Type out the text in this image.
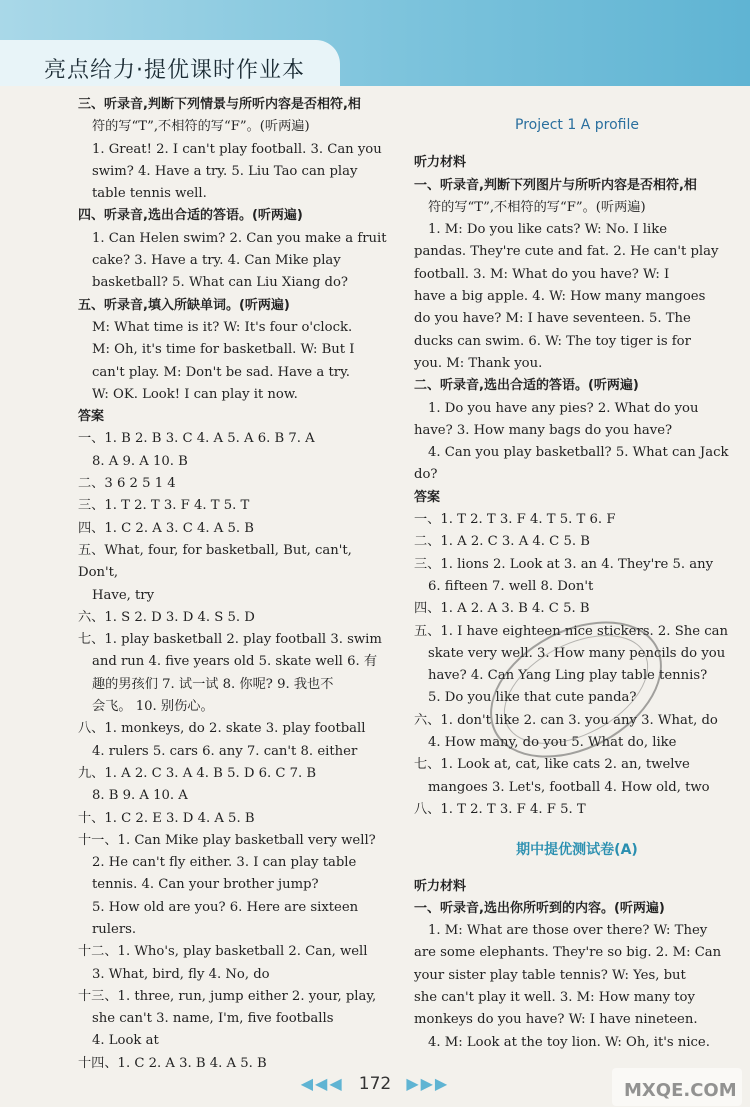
亮点给力·提优课时作业本

三、听录音,判断下列情景与所听内容是否相符,相

符的写“T”,不相符的写“F”。(听两遍)

1. Great! 2. I can't play football. 3. Can you

swim? 4. Have a try. 5. Liu Tao can play

table tennis well.

四、听录音,选出合适的答语。(听两遍)

1. Can Helen swim? 2. Can you make a fruit

cake? 3. Have a try. 4. Can Mike play

basketball? 5. What can Liu Xiang do?

五、听录音,填入所缺单词。(听两遍)

M: What time is it? W: It's four o'clock.

M: Oh, it's time for basketball. W: But I

can't play. M: Don't be sad. Have a try.

W: OK. Look! I can play it now.

答案

一、1. B 2. B 3. C 4. A 5. A 6. B 7. A

8. A 9. A 10. B

二、3 6 2 5 1 4

三、1. T 2. T 3. F 4. T 5. T

四、1. C 2. A 3. C 4. A 5. B

五、What, four, for basketball, But, can't, Don't,

Have, try

六、1. S 2. D 3. D 4. S 5. D

七、1. play basketball 2. play football 3. swim

and run 4. five years old 5. skate well 6. 有

趣的男孩们 7. 试一试 8. 你呢? 9. 我也不

会飞。 10. 别伤心。

八、1. monkeys, do 2. skate 3. play football

4. rulers 5. cars 6. any 7. can't 8. either

九、1. A 2. C 3. A 4. B 5. D 6. C 7. B

8. B 9. A 10. A

十、1. C 2. E 3. D 4. A 5. B

十一、1. Can Mike play basketball very well?

2. He can't fly either. 3. I can play table

tennis. 4. Can your brother jump?

5. How old are you? 6. Here are sixteen

rulers.

十二、1. Who's, play basketball 2. Can, well

3. What, bird, fly 4. No, do

十三、1. three, run, jump either 2. your, play,

she can't 3. name, I'm, five footballs

4. Look at

十四、1. C 2. A 3. B 4. A 5. B

Project 1 A profile

听力材料

一、听录音,判断下列图片与所听内容是否相符,相

符的写“T”,不相符的写“F”。(听两遍)

1. M: Do you like cats? W: No. I like

pandas. They're cute and fat. 2. He can't play

football. 3. M: What do you have? W: I

have a big apple. 4. W: How many mangoes

do you have? M: I have seventeen. 5. The

ducks can swim. 6. W: The toy tiger is for

you. M: Thank you.

二、听录音,选出合适的答语。(听两遍)

1. Do you have any pies? 2. What do you

have? 3. How many bags do you have?

4. Can you play basketball? 5. What can Jack

do?

答案

一、1. T 2. T 3. F 4. T 5. T 6. F

二、1. A 2. C 3. A 4. C 5. B

三、1. lions 2. Look at 3. an 4. They're 5. any

6. fifteen 7. well 8. Don't

四、1. A 2. A 3. B 4. C 5. B

五、1. I have eighteen nice stickers. 2. She can

skate very well. 3. How many pencils do you

have? 4. Can Yang Ling play table tennis?

5. Do you like that cute panda?

六、1. don't like 2. can 3. you any 3. What, do

4. How many, do you 5. What do, like

七、1. Look at, cat, like cats 2. an, twelve

mangoes 3. Let's, football 4. How old, two

八、1. T 2. T 3. F 4. F 5. T

期中提优测试卷(A)

听力材料

一、听录音,选出你所听到的内容。(听两遍)

1. M: What are those over there? W: They

are some elephants. They're so big. 2. M: Can

your sister play table tennis? W: Yes, but

she can't play it well. 3. M: How many toy

monkeys do you have? W: I have nineteen.

4. M: Look at the toy lion. W: Oh, it's nice.

◀◀◀ 172 ▶▶▶	MXQE.COM
